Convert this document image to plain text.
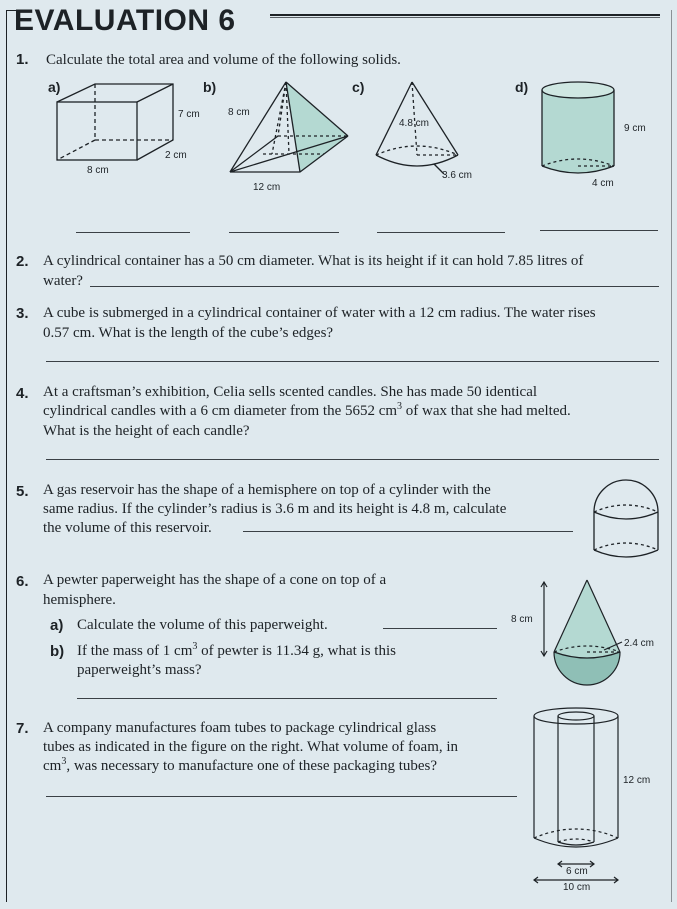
EVALUATION 6
1. Calculate the total area and volume of the following solids.
a)	b)	c)	d)
7 cm
2 cm
8 cm
8 cm
12 cm
4.8 cm
3.6 cm
9 cm
4 cm
2. A cylindrical container has a 50 cm diameter. What is its height if it can hold 7.85 litres of
water?
3. A cube is submerged in a cylindrical container of water with a 12 cm radius. The water rises
0.57 cm. What is the length of the cube’s edges?
4. At a craftsman’s exhibition, Celia sells scented candles. She has made 50 identical
cylindrical candles with a 6 cm diameter from the 5652 $cm^3$ of wax that she had melted.
What is the height of each candle?
5. A gas reservoir has the shape of a hemisphere on top of a cylinder with the
same radius. If the cylinder’s radius is 3.6 m and its height is 4.8 m, calculate
the volume of this reservoir.
6. A pewter paperweight has the shape of a cone on top of a
hemisphere.
a) Calculate the volume of this paperweight.
b) If the mass of 1 $cm^3$ of pewter is 11.34 g, what is this
paperweight’s mass?
8 cm
2.4 cm
7. A company manufactures foam tubes to package cylindrical glass
tubes as indicated in the figure on the right. What volume of foam, in
$cm^3$, was necessary to manufacture one of these packaging tubes?
12 cm
6 cm
10 cm
